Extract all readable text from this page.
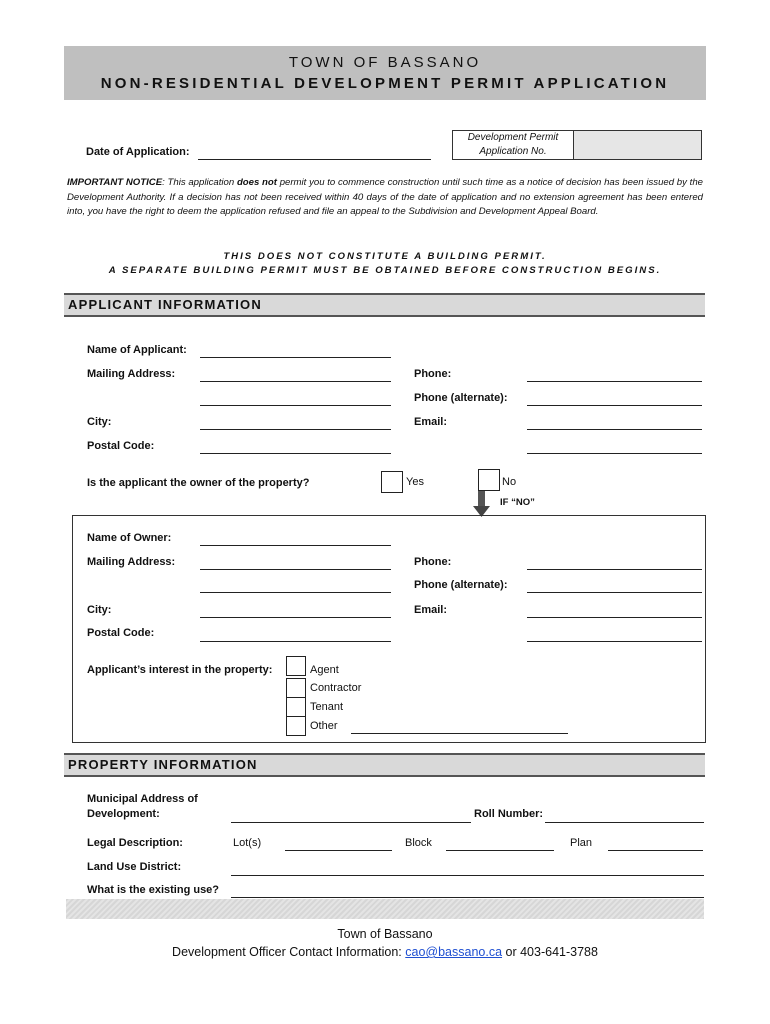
TOWN OF BASSANO
NON-RESIDENTIAL DEVELOPMENT PERMIT APPLICATION
Date of Application:
Development Permit
Application No.
IMPORTANT NOTICE: This application does not permit you to commence construction until such time as a notice of decision has been issued by the Development Authority. If a decision has not been received within 40 days of the date of application and no extension agreement has been entered into, you have the right to deem the application refused and file an appeal to the Subdivision and Development Appeal Board.
THIS DOES NOT CONSTITUTE A BUILDING PERMIT.
A SEPARATE BUILDING PERMIT MUST BE OBTAINED BEFORE CONSTRUCTION BEGINS.
APPLICANT INFORMATION
Name of Applicant:
Mailing Address:	Phone:
Phone (alternate):
City:	Email:
Postal Code:
Is the applicant the owner of the property?	Yes	No
IF “NO”
Name of Owner:
Mailing Address:	Phone:
Phone (alternate):
City:	Email:
Postal Code:
Applicant’s interest in the property:	Agent
Contractor
Tenant
Other
PROPERTY INFORMATION
Municipal Address of
Development:	Roll Number:
Legal Description:	Lot(s)	Block	Plan
Land Use District:
What is the existing use?
Town of Bassano
Development Officer Contact Information: cao@bassano.ca or 403-641-3788
